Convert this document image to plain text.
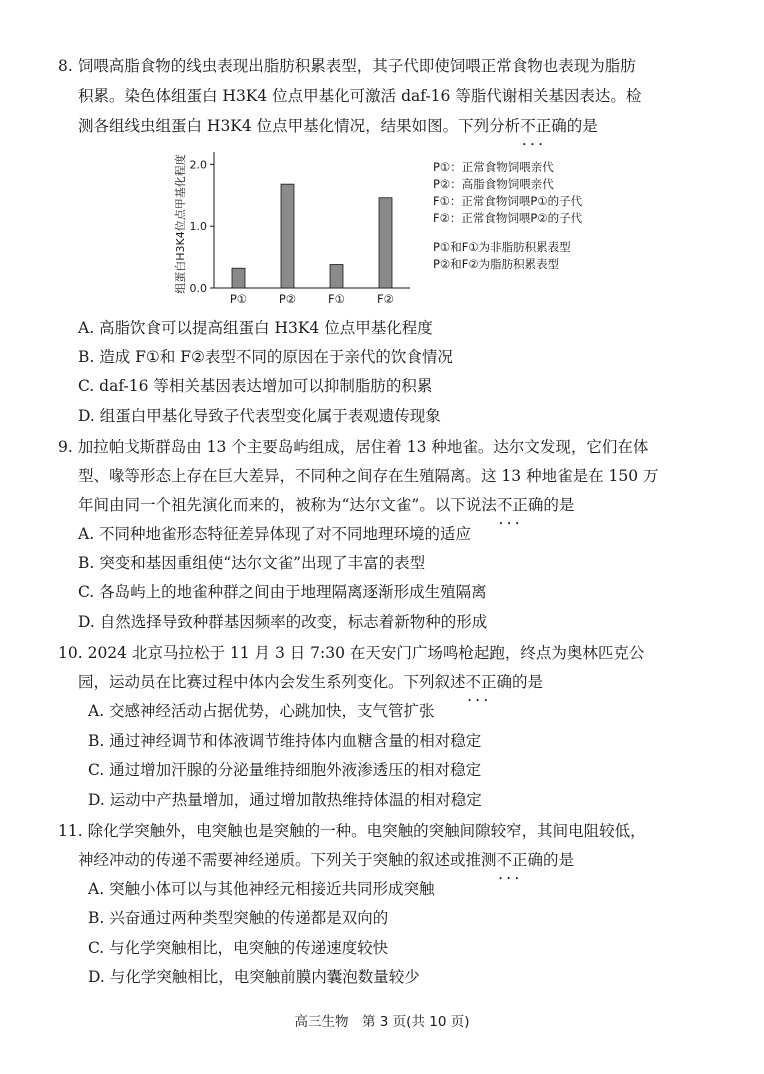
8. 饲喂高脂食物的线虫表现出脂肪积累表型，其子代即使饲喂正常食物也表现为脂肪
积累。染色体组蛋白 H3K4 位点甲基化可激活 daf-16 等脂代谢相关基因表达。检
测各组线虫组蛋白 H3K4 位点甲基化情况，结果如图。下列分析不正确 •••的是
组蛋白H3K4位点甲基化程度 0.0
1.0
2.0
P①	P②	F①	F②
P①：正常食物饲喂亲代
P②：高脂食物饲喂亲代
F①：正常食物饲喂P①的子代
F②：正常食物饲喂P②的子代
P①和F①为非脂肪积累表型
P②和F②为脂肪积累表型
A. 高脂饮食可以提高组蛋白 H3K4 位点甲基化程度
B. 造成 F①和 F②表型不同的原因在于亲代的饮食情况
C. daf-16 等相关基因表达增加可以抑制脂肪的积累
D. 组蛋白甲基化导致子代表型变化属于表观遗传现象
9. 加拉帕戈斯群岛由 13 个主要岛屿组成，居住着 13 种地雀。达尔文发现，它们在体
型、喙等形态上存在巨大差异，不同种之间存在生殖隔离。这 13 种地雀是在 150 万
年间由同一个祖先演化而来的，被称为“达尔文雀”。以下说法不正确 •••的是
A. 不同种地雀形态特征差异体现了对不同地理环境的适应
B. 突变和基因重组使“达尔文雀”出现了丰富的表型
C. 各岛屿上的地雀种群之间由于地理隔离逐渐形成生殖隔离
D. 自然选择导致种群基因频率的改变，标志着新物种的形成
10. 2024 北京马拉松于 11 月 3 日 7:30 在天安门广场鸣枪起跑，终点为奥林匹克公
园，运动员在比赛过程中体内会发生系列变化。下列叙述不正确 •••的是
A. 交感神经活动占据优势，心跳加快，支气管扩张
B. 通过神经调节和体液调节维持体内血糖含量的相对稳定
C. 通过增加汗腺的分泌量维持细胞外液渗透压的相对稳定
D. 运动中产热量增加，通过增加散热维持体温的相对稳定
11. 除化学突触外，电突触也是突触的一种。电突触的突触间隙较窄，其间电阻较低，
神经冲动的传递不需要神经递质。下列关于突触的叙述或推测不正确 •••的是
A. 突触小体可以与其他神经元相接近共同形成突触
B. 兴奋通过两种类型突触的传递都是双向的
C. 与化学突触相比，电突触的传递速度较快
D. 与化学突触相比，电突触前膜内囊泡数量较少
高三生物　第 3 页(共 10 页)
